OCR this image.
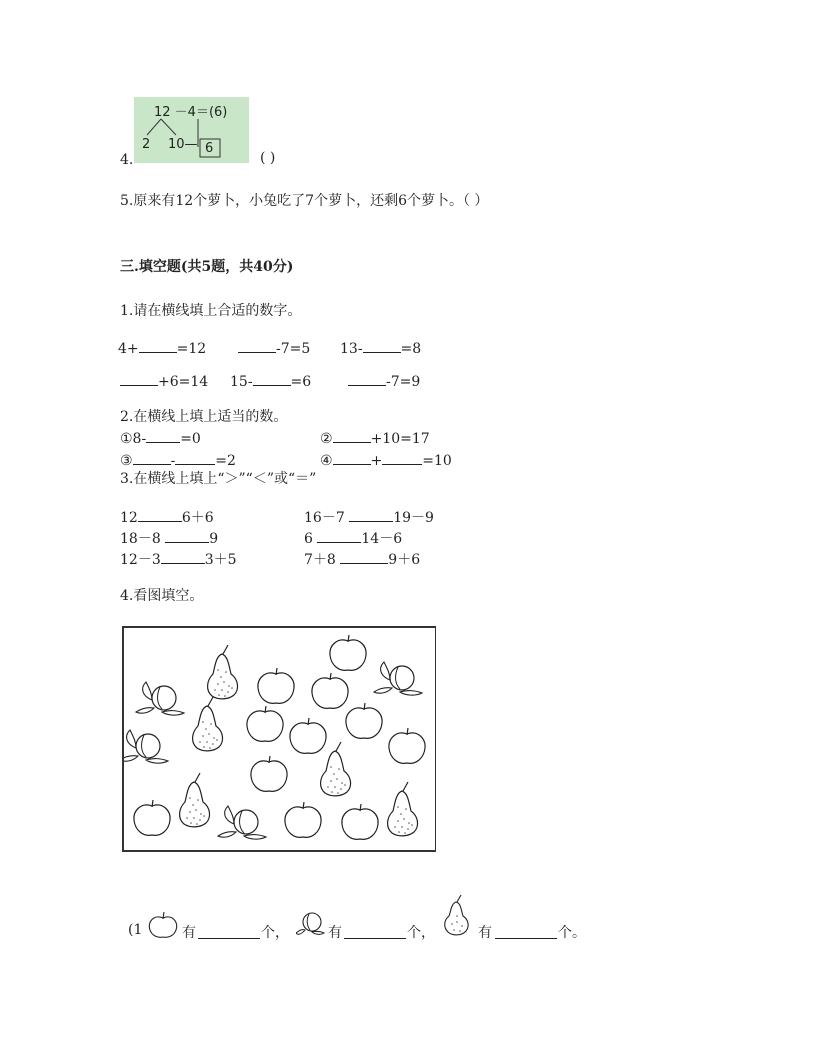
12 －4＝(6)
2 10— 6
4.	( )
5.原来有12个萝卜，小兔吃了7个萝卜，还剩6个萝卜。（ ）
三.填空题(共5题，共40分)
1.请在横线填上合适的数字。
4+	=12	-7=5 13-	=8
+6=14 15-	=6	-7=9
2.在横线上填上适当的数。
①8- =0	②	+10=17
③	-	=2	④	+	=10
3.在横线上填上“＞”“＜”或“＝”
12	6＋6	16－7	19－9
18－8	9	6	14－6
12－3	3＋5	7＋8	9＋6
4.看图填空。
(1	有	个，	有	个，	有	个。
